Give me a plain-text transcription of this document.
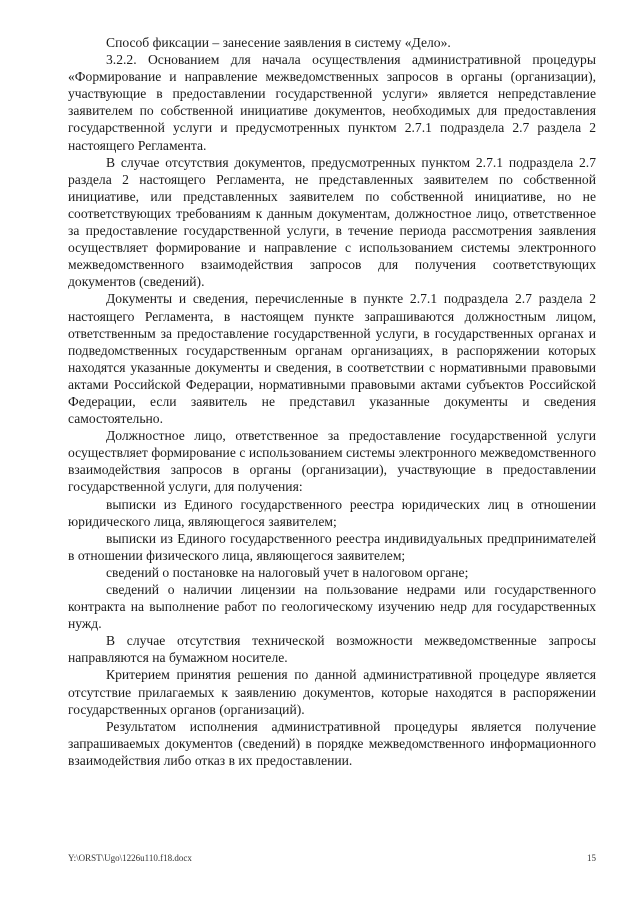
Способ фиксации – занесение заявления в систему «Дело».

3.2.2. Основанием для начала осуществления административной процедуры «Формирование и направление межведомственных запросов в органы (организации), участвующие в предоставлении государственной услуги» является непредставление заявителем по собственной инициативе документов, необходимых для предоставления государственной услуги и предусмотренных пунктом 2.7.1 подраздела 2.7 раздела 2 настоящего Регламента.

В случае отсутствия документов, предусмотренных пунктом 2.7.1 подраздела 2.7 раздела 2 настоящего Регламента, не представленных заявителем по собственной инициативе, или представленных заявителем по собственной инициативе, но не соответствующих требованиям к данным документам, должностное лицо, ответственное за предоставление государственной услуги, в течение периода рассмотрения заявления осуществляет формирование и направление с использованием системы электронного межведомственного взаимодействия запросов для получения соответствующих документов (сведений).

Документы и сведения, перечисленные в пункте 2.7.1 подраздела 2.7 раздела 2 настоящего Регламента, в настоящем пункте запрашиваются должностным лицом, ответственным за предоставление государственной услуги, в государственных органах и подведомственных государственным органам организациях, в распоряжении которых находятся указанные документы и сведения, в соответствии с нормативными правовыми актами Российской Федерации, нормативными правовыми актами субъектов Российской Федерации, если заявитель не представил указанные документы и сведения самостоятельно.

Должностное лицо, ответственное за предоставление государственной услуги осуществляет формирование с использованием системы электронного межведомственного взаимодействия запросов в органы (организации), участвующие в предоставлении государственной услуги, для получения:

выписки из Единого государственного реестра юридических лиц в отношении юридического лица, являющегося заявителем;

выписки из Единого государственного реестра индивидуальных предпринимателей в отношении физического лица, являющегося заявителем;

сведений о постановке на налоговый учет в налоговом органе;

сведений о наличии лицензии на пользование недрами или государственного контракта на выполнение работ по геологическому изучению недр для государственных нужд.

В случае отсутствия технической возможности межведомственные запросы направляются на бумажном носителе.

Критерием принятия решения по данной административной процедуре является отсутствие прилагаемых к заявлению документов, которые находятся в распоряжении государственных органов (организаций).

Результатом исполнения административной процедуры является получение запрашиваемых документов (сведений) в порядке межведомственного информационного взаимодействия либо отказ в их предоставлении.

Y:\ORST\Ugo\1226u110.f18.docx	15
